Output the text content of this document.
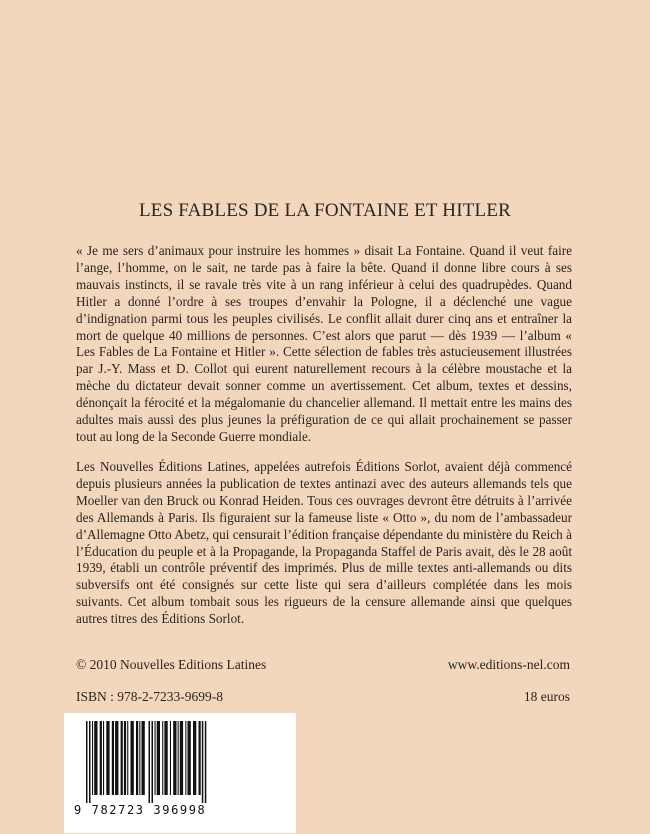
LES FABLES DE LA FONTAINE ET HITLER

« Je me sers d’animaux pour instruire les hommes » disait La Fontaine. Quand il veut faire l’ange, l’homme, on le sait, ne tarde pas à faire la bête. Quand il donne libre cours à ses mauvais instincts, il se ravale très vite à un rang inférieur à celui des quadrupèdes. Quand Hitler a donné l’ordre à ses troupes d’envahir la Pologne, il a déclenché une vague d’indignation parmi tous les peuples civilisés. Le conflit allait durer cinq ans et entraîner la mort de quelque 40 millions de personnes. C’est alors que parut — dès 1939 — l’album « Les Fables de La Fontaine et Hitler ». Cette sélection de fables très astucieusement illustrées par J.-Y. Mass et D. Collot qui eurent naturellement recours à la célèbre moustache et la mèche du dictateur devait sonner comme un avertissement. Cet album, textes et dessins, dénonçait la férocité et la mégalomanie du chancelier allemand. Il mettait entre les mains des adultes mais aussi des plus jeunes la préfiguration de ce qui allait prochainement se passer tout au long de la Seconde Guerre mondiale.

Les Nouvelles Éditions Latines, appelées autrefois Éditions Sorlot, avaient déjà commencé depuis plusieurs années la publication de textes antinazi avec des auteurs allemands tels que Moeller van den Bruck ou Konrad Heiden. Tous ces ouvrages devront être détruits à l’arrivée des Allemands à Paris. Ils figuraient sur la fameuse liste « Otto », du nom de l’ambassadeur d’Allemagne Otto Abetz, qui censurait l’édition française dépendante du ministère du Reich à l’Éducation du peuple et à la Propagande, la Propaganda Staffel de Paris avait, dès le 28 août 1939, établi un contrôle préventif des imprimés. Plus de mille textes anti-allemands ou dits subversifs ont été consignés sur cette liste qui sera d’ailleurs complétée dans les mois suivants. Cet album tombait sous les rigueurs de la censure allemande ainsi que quelques autres titres des Éditions Sorlot.

© 2010 Nouvelles Editions Latines	www.editions-nel.com
ISBN : 978-2-7233-9699-8	18 euros
9 782723 396998
